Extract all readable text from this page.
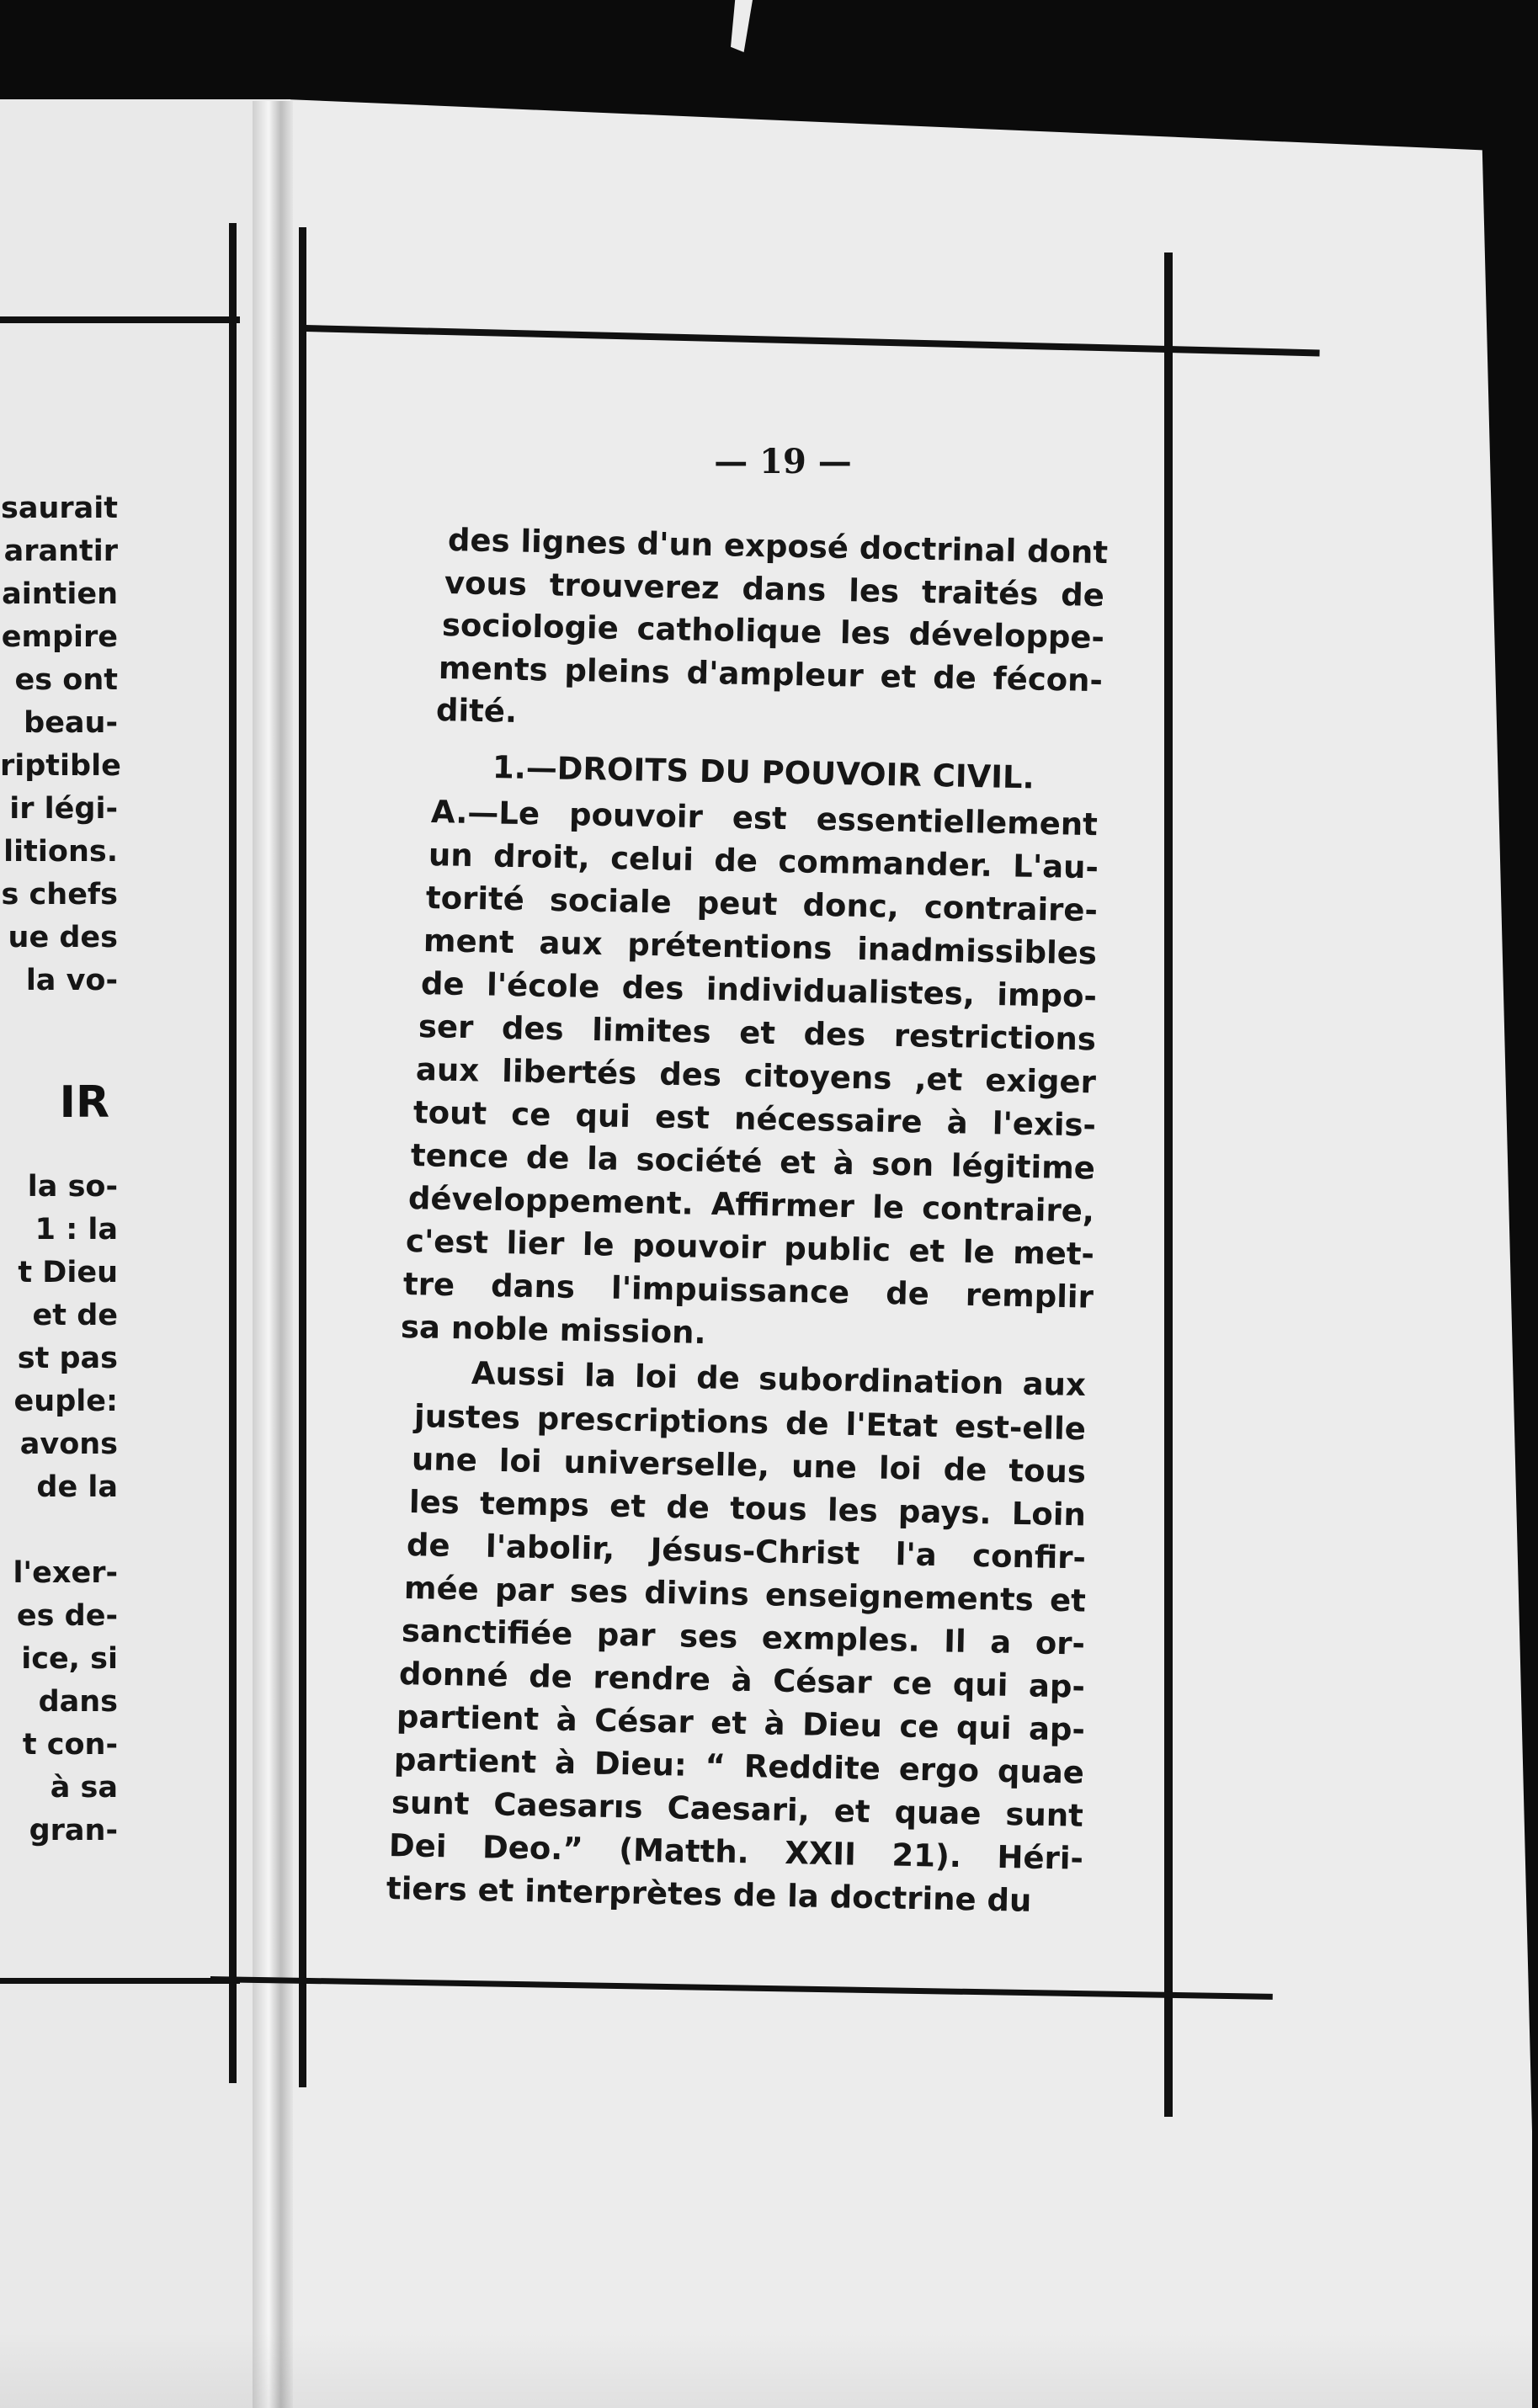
saurait
arantir
aintien
empire
es ont
beau-
riptible
ir légi-
litions.
s chefs
ue des
la vo-
la so-
1 : la
t Dieu
et de
st pas
euple:
avons
de la
l'exer-
es de-
ice, si
dans
t con-
à sa
gran-
IR
— 19 —
des lignes d'un exposé doctrinal dont
vous trouverez dans les traités de
sociologie catholique les développe-
ments pleins d'ampleur et de fécon-
dité.
1.—DROITS DU POUVOIR CIVIL.
A.—Le pouvoir est essentiellement
un droit, celui de commander. L'au-
torité sociale peut donc, contraire-
ment aux prétentions inadmissibles
de l'école des individualistes, impo-
ser des limites et des restrictions
aux libertés des citoyens ,et exiger
tout ce qui est nécessaire à l'exis-
tence de la société et à son légitime
développement. Affirmer le contraire,
c'est lier le pouvoir public et le met-
tre dans l'impuissance de remplir
sa noble mission.
Aussi la loi de subordination aux
justes prescriptions de l'Etat est-elle
une loi universelle, une loi de tous
les temps et de tous les pays. Loin
de l'abolir, Jésus-Christ l'a confir-
mée par ses divins enseignements et
sanctifiée par ses exmples. Il a or-
donné de rendre à César ce qui ap-
partient à César et à Dieu ce qui ap-
partient à Dieu: “ Reddite ergo quae
sunt Caesarıs Caesari, et quae sunt
Dei Deo.” (Matth. XXII 21). Héri-
tiers et interprètes de la doctrine du
